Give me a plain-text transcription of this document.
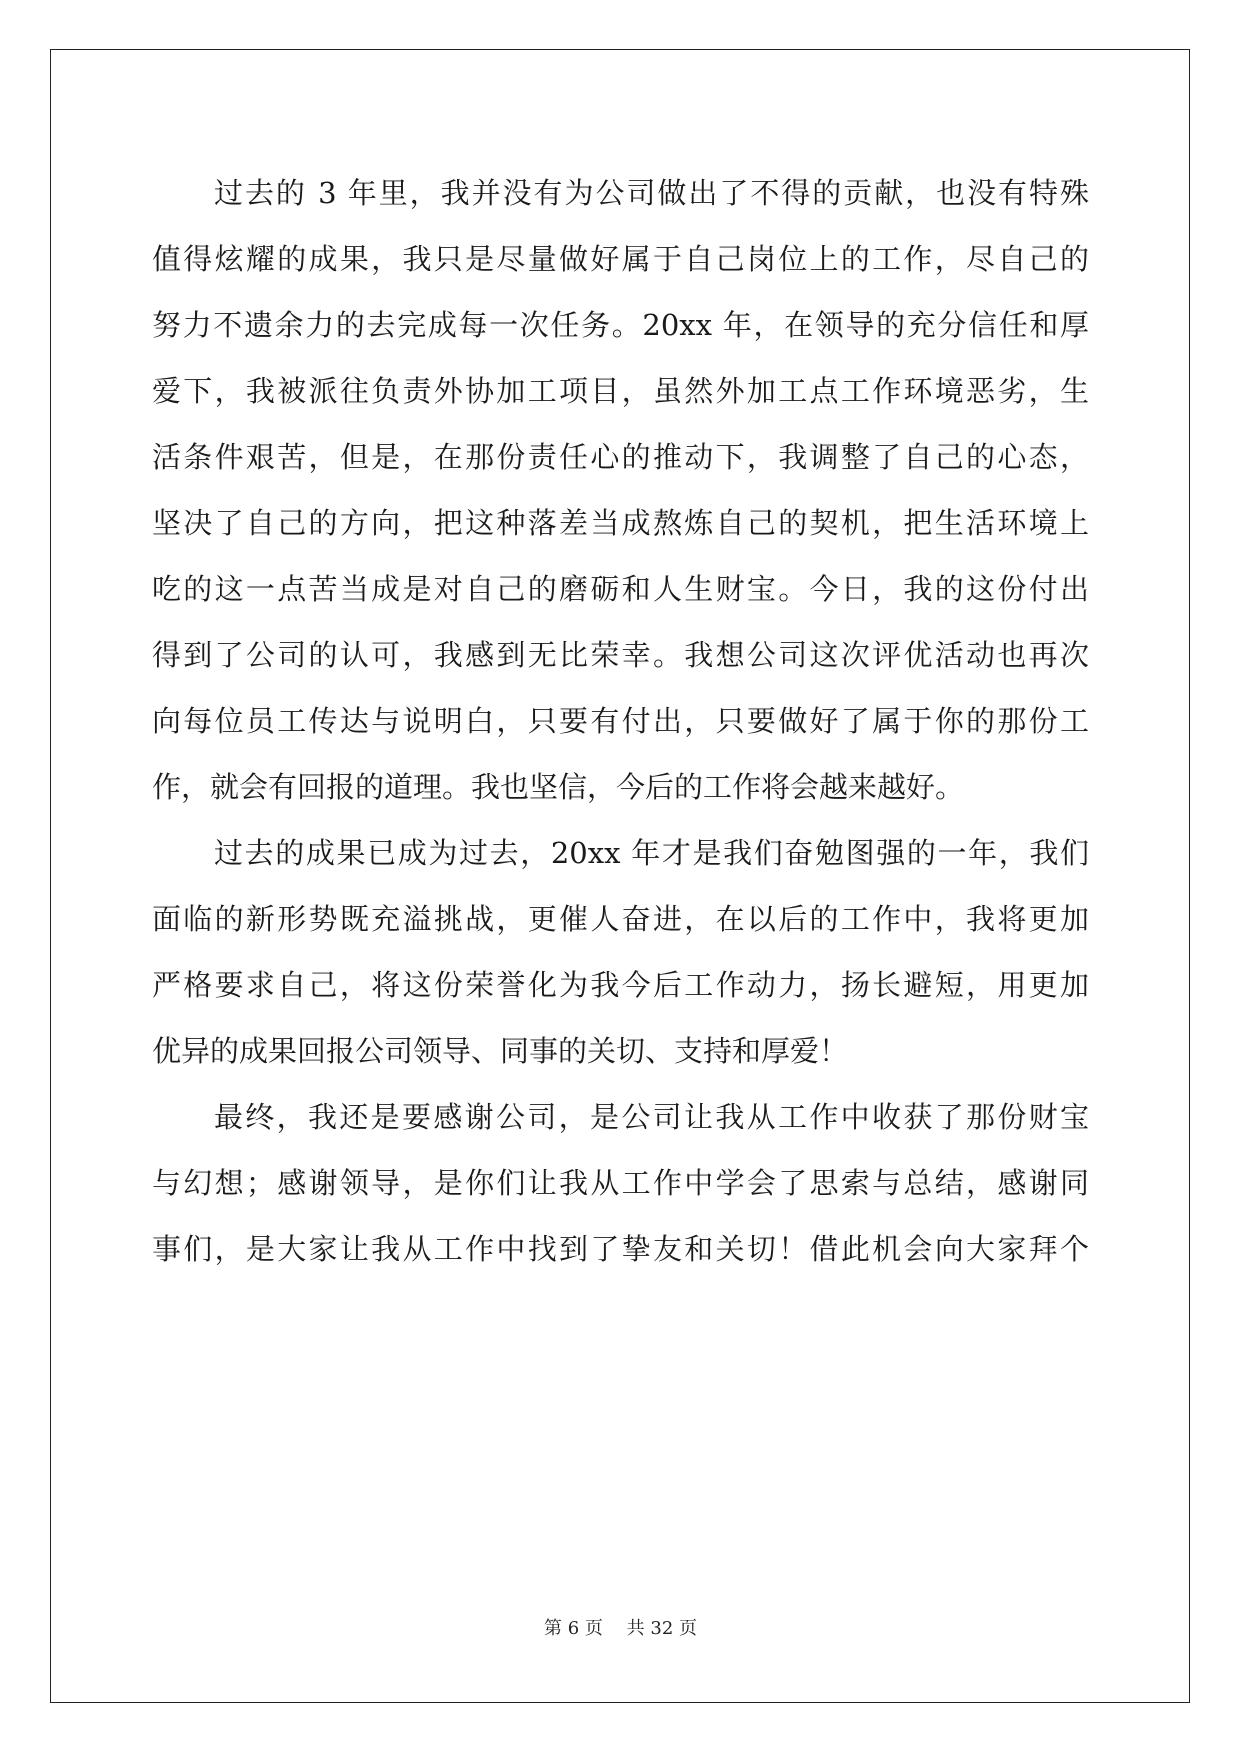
过去的 3 年里，我并没有为公司做出了不得的贡献，也没有特殊
值得炫耀的成果，我只是尽量做好属于自己岗位上的工作，尽自己的
努力不遗余力的去完成每一次任务。20xx 年，在领导的充分信任和厚
爱下，我被派往负责外协加工项目，虽然外加工点工作环境恶劣，生
活条件艰苦，但是，在那份责任心的推动下，我调整了自己的心态，
坚决了自己的方向，把这种落差当成熬炼自己的契机，把生活环境上
吃的这一点苦当成是对自己的磨砺和人生财宝。今日，我的这份付出
得到了公司的认可，我感到无比荣幸。我想公司这次评优活动也再次
向每位员工传达与说明白，只要有付出，只要做好了属于你的那份工
作，就会有回报的道理。我也坚信，今后的工作将会越来越好。
过去的成果已成为过去，20xx 年才是我们奋勉图强的一年，我们
面临的新形势既充溢挑战，更催人奋进，在以后的工作中，我将更加
严格要求自己，将这份荣誉化为我今后工作动力，扬长避短，用更加
优异的成果回报公司领导、同事的关切、支持和厚爱！
最终，我还是要感谢公司，是公司让我从工作中收获了那份财宝
与幻想；感谢领导，是你们让我从工作中学会了思索与总结，感谢同
事们，是大家让我从工作中找到了挚友和关切！借此机会向大家拜个
第 6 页 共 32 页
